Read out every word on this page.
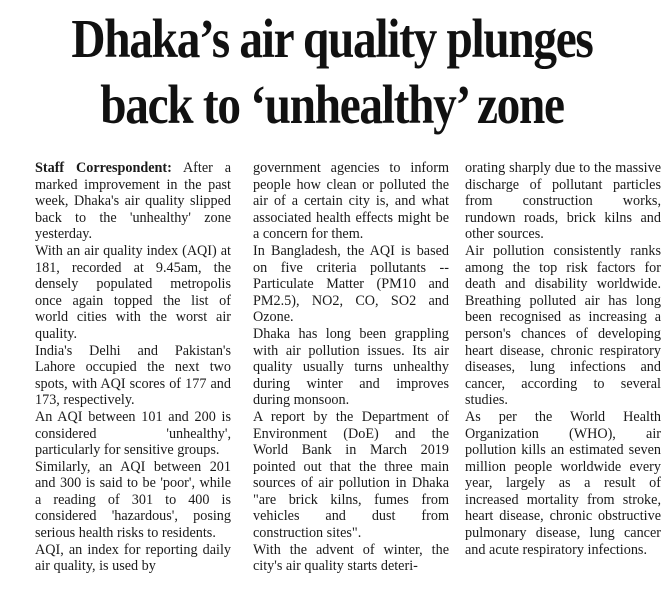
Dhaka’s air quality plunges
back to ‘unhealthy’ zone

Staff Correspondent: After a marked improvement in the past week, Dhaka's air quality slipped back to the 'unhealthy' zone yesterday.

With an air quality index (AQI) at 181, recorded at 9.45am, the densely populated metropolis once again topped the list of world cities with the worst air quality.

India's Delhi and Pakistan's Lahore occupied the next two spots, with AQI scores of 177 and 173, respectively.

An AQI between 101 and 200 is considered 'unhealthy', particularly for sensitive groups.

Similarly, an AQI between 201 and 300 is said to be 'poor', while a reading of 301 to 400 is considered 'hazardous', posing serious health risks to residents.

AQI, an index for reporting daily air quality, is used by

government agencies to inform people how clean or polluted the air of a certain city is, and what associated health effects might be a concern for them.

In Bangladesh, the AQI is based on five criteria pollutants -- Particulate Matter (PM10 and PM2.5), NO2, CO, SO2 and Ozone.

Dhaka has long been grappling with air pollution issues. Its air quality usually turns unhealthy during winter and improves during monsoon.

A report by the Department of Environment (DoE) and the World Bank in March 2019 pointed out that the three main sources of air pollution in Dhaka "are brick kilns, fumes from vehicles and dust from construction sites".

With the advent of winter, the city's air quality starts deteri-

orating sharply due to the massive discharge of pollutant particles from construction works, rundown roads, brick kilns and other sources.

Air pollution consistently ranks among the top risk factors for death and disability worldwide. Breathing polluted air has long been recognised as increasing a person's chances of developing heart disease, chronic respiratory diseases, lung infections and cancer, according to several studies.

As per the World Health Organization (WHO), air pollution kills an estimated seven million people worldwide every year, largely as a result of increased mortality from stroke, heart disease, chronic obstructive pulmonary disease, lung cancer and acute respiratory infections.
